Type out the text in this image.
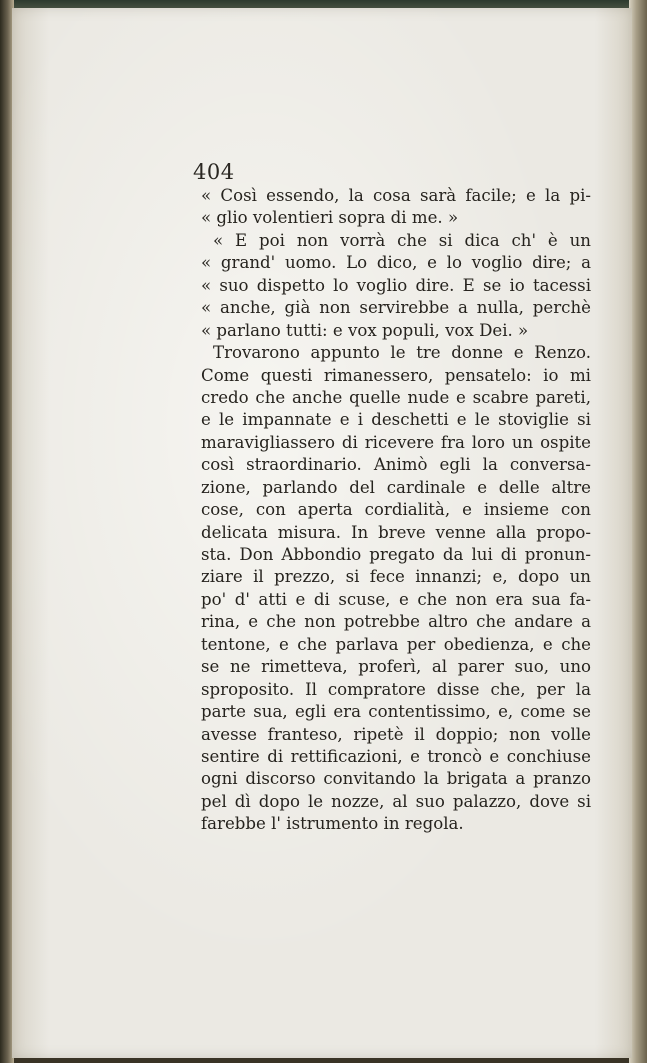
404
« Così essendo, la cosa sarà facile; e la pi-
« glio volentieri sopra di me. »
« E poi non vorrà che si dica ch' è un
« grand' uomo. Lo dico, e lo voglio dire; a
« suo dispetto lo voglio dire. E se io tacessi
« anche, già non servirebbe a nulla, perchè
« parlano tutti: e vox populi, vox Dei. »
Trovarono appunto le tre donne e Renzo.
Come questi rimanessero, pensatelo: io mi
credo che anche quelle nude e scabre pareti,
e le impannate e i deschetti e le stoviglie si
maravigliassero di ricevere fra loro un ospite
così straordinario. Animò egli la conversa-
zione, parlando del cardinale e delle altre
cose, con aperta cordialità, e insieme con
delicata misura. In breve venne alla propo-
sta. Don Abbondio pregato da lui di pronun-
ziare il prezzo, si fece innanzi; e, dopo un
po' d' atti e di scuse, e che non era sua fa-
rina, e che non potrebbe altro che andare a
tentone, e che parlava per obedienza, e che
se ne rimetteva, proferì, al parer suo, uno
sproposito. Il compratore disse che, per la
parte sua, egli era contentissimo, e, come se
avesse franteso, ripetè il doppio; non volle
sentire di rettificazioni, e troncò e conchiuse
ogni discorso convitando la brigata a pranzo
pel dì dopo le nozze, al suo palazzo, dove si
farebbe l' istrumento in regola.
